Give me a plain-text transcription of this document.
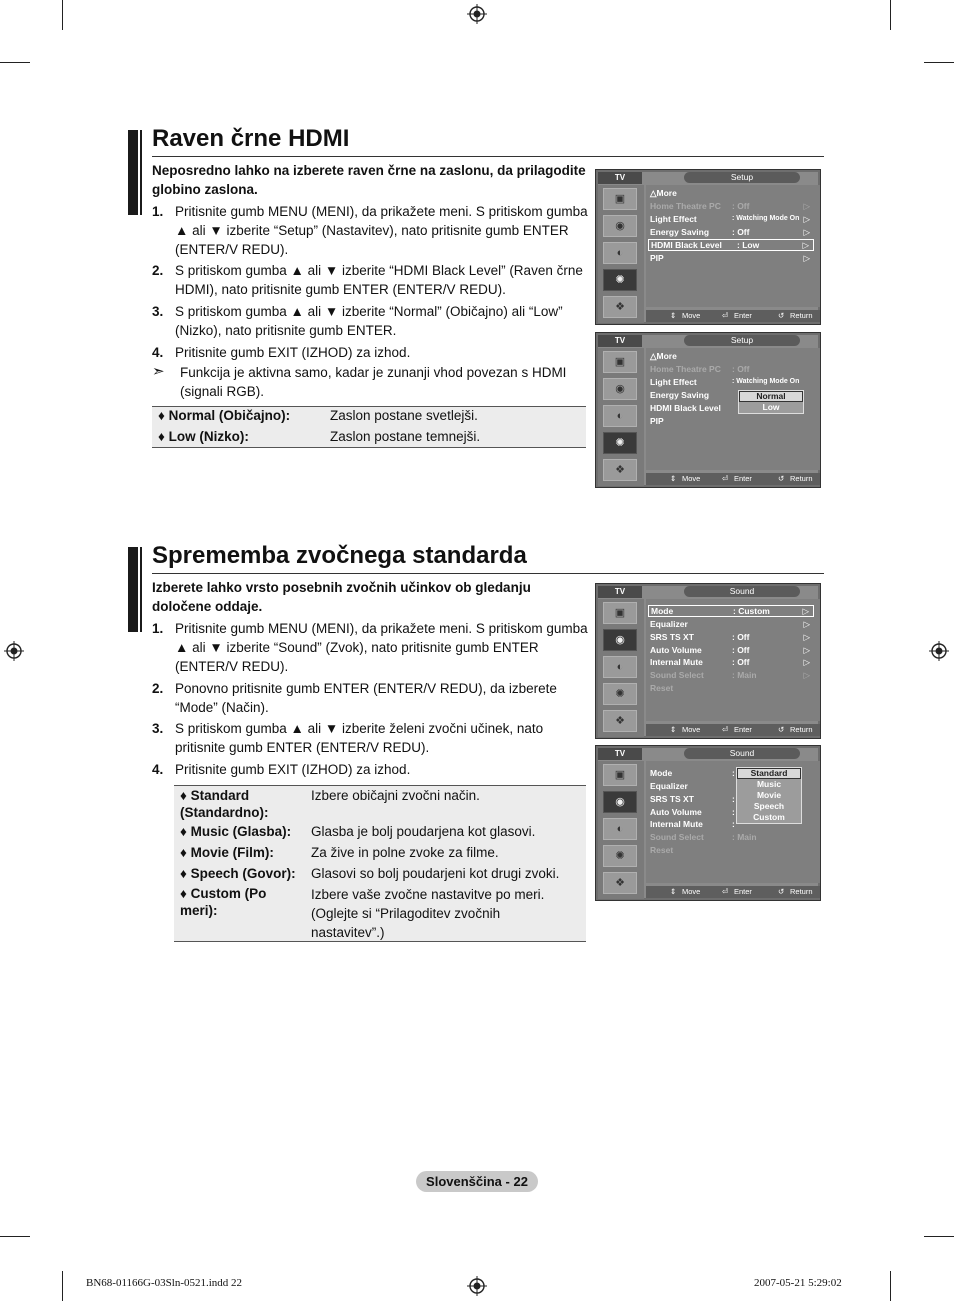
Raven črne HDMI
Neposredno lahko na izberete raven črne na zaslonu, da prilagodite globino zaslona.
1. Pritisnite gumb MENU (MENI), da prikažete meni. S pritiskom gumba ▲ ali ▼ izberite “Setup” (Nastavitev), nato pritisnite gumb ENTER (ENTER/V REDU).
2. S pritiskom gumba ▲ ali ▼ izberite “HDMI Black Level” (Raven črne HDMI), nato pritisnite gumb ENTER (ENTER/V REDU).
3. S pritiskom gumba ▲ ali ▼ izberite “Normal” (Običajno) ali “Low” (Nizko), nato pritisnite gumb ENTER.
4. Pritisnite gumb EXIT (IZHOD) za izhod.
➣ Funkcija je aktivna samo, kadar je zunanji vhod povezan s HDMI (signali RGB).
♦ Normal (Običajno):	Zaslon postane svetlejši.
♦ Low (Nizko):	Zaslon postane temnejši.
TV	Setup
▣
◉
◐
✺
❖
△More
Home Theatre PC : Off	▷
Light Effect	: Watching Mode On ▷
Energy Saving	: Off	▷
HDMI Black Level : Low	▷
PIP	▷
⇕ Move	⏎ Enter	↺ Return
TV	Setup
▣
◉
◐
✺
❖
△More
Home Theatre PC : Off
Light Effect	: Watching Mode On
Energy Saving
HDMI Black Level
PIP
Normal
Low
⇕ Move	⏎ Enter	↺ Return
Sprememba zvočnega standarda
Izberete lahko vrsto posebnih zvočnih učinkov ob gledanju določene oddaje.
1. Pritisnite gumb MENU (MENI), da prikažete meni. S pritiskom gumba ▲ ali ▼ izberite “Sound” (Zvok), nato pritisnite gumb ENTER (ENTER/V REDU).
2. Ponovno pritisnite gumb ENTER (ENTER/V REDU), da izberete “Mode” (Način).
3. S pritiskom gumba ▲ ali ▼ izberite želeni zvočni učinek, nato pritisnite gumb ENTER (ENTER/V REDU).
4. Pritisnite gumb EXIT (IZHOD) za izhod.
♦ Standard (Standardno):
Izbere običajni zvočni način.
♦ Music (Glasba): Glasba je bolj poudarjena kot glasovi.
♦ Movie (Film):	Za žive in polne zvoke za filme.
♦ Speech (Govor): Glasovi so bolj poudarjeni kot drugi zvoki.
♦ Custom (Po meri):
Izbere vaše zvočne nastavitve po meri. (Oglejte si “Prilagoditev zvočnih nastavitev”.)
TV	Sound
▣
◉
◐
✺
❖
Mode	: Custom	▷
Equalizer	▷
SRS TS XT	: Off	▷
Auto Volume	: Off	▷
Internal Mute	: Off	▷
Sound Select	: Main	▷
Reset
⇕ Move	⏎ Enter	↺ Return
TV	Sound
▣
◉
◐
✺
❖
Mode	:
Equalizer
SRS TS XT	:
Auto Volume	:
Internal Mute	:
Sound Select	: Main
Reset
Standard
Music
Movie
Speech
Custom
⇕ Move	⏎ Enter	↺ Return
Slovenščina - 22
BN68-01166G-03Sln-0521.indd 22	2007-05-21 5:29:02
